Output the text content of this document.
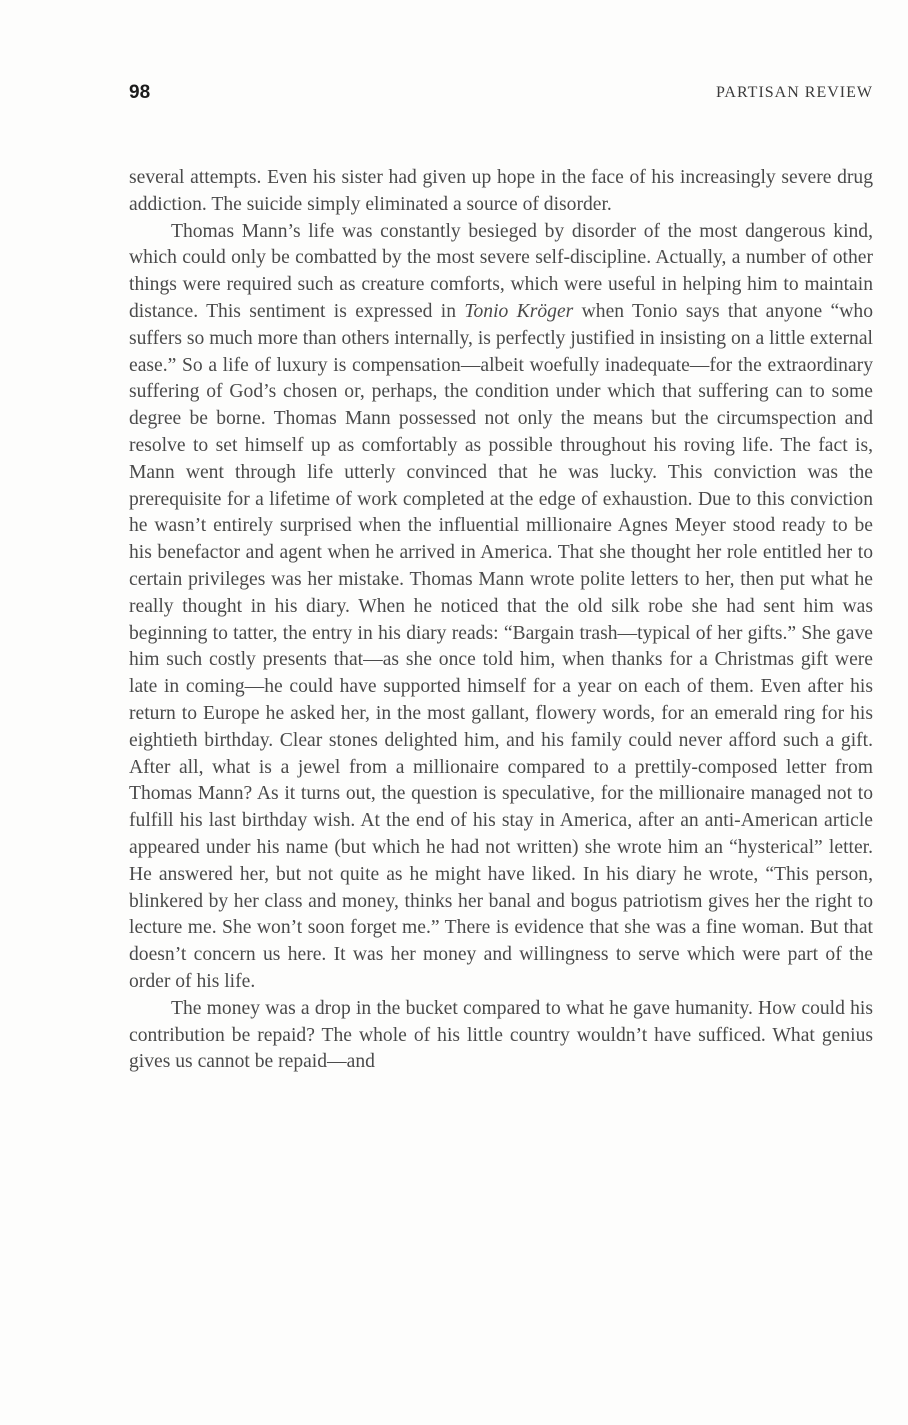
98	PARTISAN REVIEW

several attempts. Even his sister had given up hope in the face of his increasingly severe drug addiction. The suicide simply eliminated a source of disorder.

Thomas Mann’s life was constantly besieged by disorder of the most dangerous kind, which could only be combatted by the most severe self-discipline. Actually, a number of other things were required such as creature comforts, which were useful in helping him to maintain distance. This sentiment is expressed in Tonio Kröger when Tonio says that anyone “who suffers so much more than others internally, is perfectly justified in insisting on a little external ease.” So a life of luxury is compensation—albeit woefully inadequate—for the extraordinary suffering of God’s chosen or, perhaps, the condition under which that suffering can to some degree be borne. Thomas Mann possessed not only the means but the circumspection and resolve to set himself up as comfortably as possible throughout his roving life. The fact is, Mann went through life utterly convinced that he was lucky. This conviction was the prerequisite for a lifetime of work completed at the edge of exhaustion. Due to this conviction he wasn’t entirely surprised when the influential millionaire Agnes Meyer stood ready to be his benefactor and agent when he arrived in America. That she thought her role entitled her to certain privileges was her mistake. Thomas Mann wrote polite letters to her, then put what he really thought in his diary. When he noticed that the old silk robe she had sent him was beginning to tatter, the entry in his diary reads: “Bargain trash—typical of her gifts.” She gave him such costly presents that—as she once told him, when thanks for a Christmas gift were late in coming—he could have supported himself for a year on each of them. Even after his return to Europe he asked her, in the most gallant, flowery words, for an emerald ring for his eightieth birthday. Clear stones delighted him, and his family could never afford such a gift. After all, what is a jewel from a millionaire compared to a prettily-composed letter from Thomas Mann? As it turns out, the question is speculative, for the millionaire managed not to fulfill his last birthday wish. At the end of his stay in America, after an anti-American article appeared under his name (but which he had not written) she wrote him an “hysterical” letter. He answered her, but not quite as he might have liked. In his diary he wrote, “This person, blinkered by her class and money, thinks her banal and bogus patriotism gives her the right to lecture me. She won’t soon forget me.” There is evidence that she was a fine woman. But that doesn’t concern us here. It was her money and willingness to serve which were part of the order of his life.

The money was a drop in the bucket compared to what he gave humanity. How could his contribution be repaid? The whole of his little country wouldn’t have sufficed. What genius gives us cannot be repaid—and
